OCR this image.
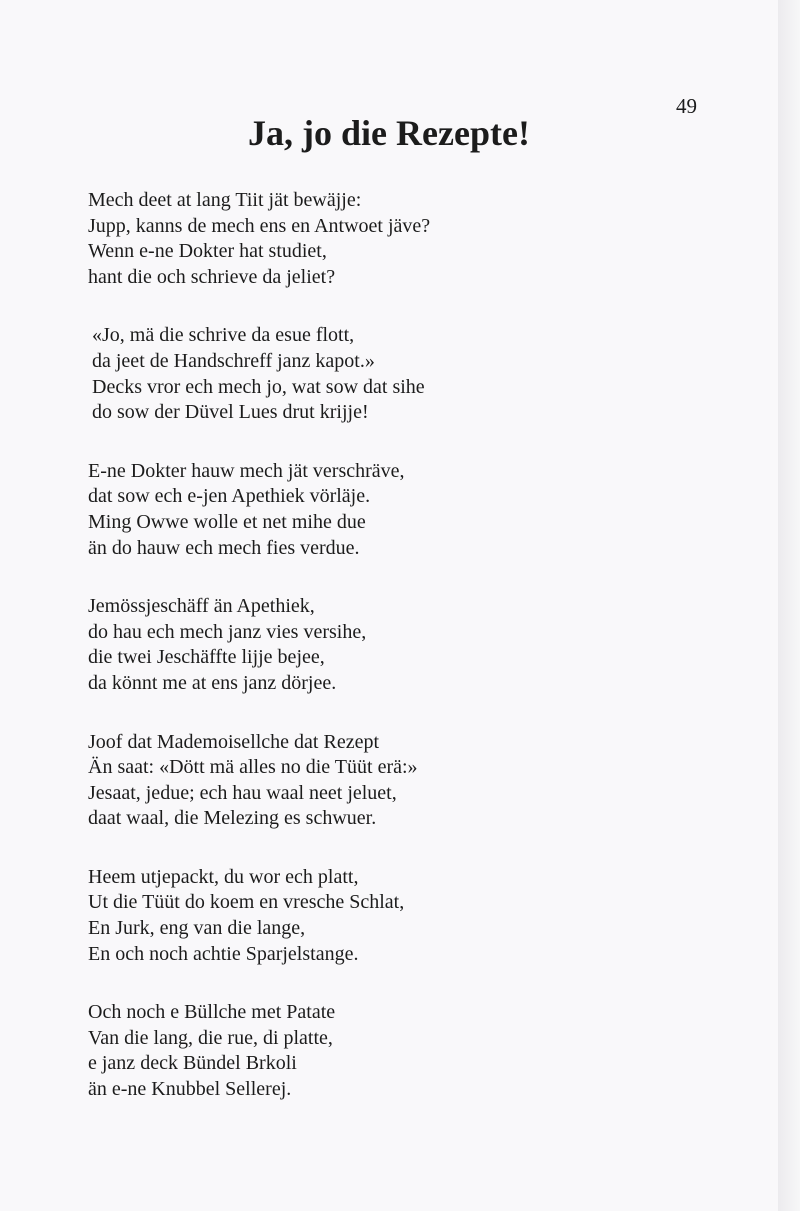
49
Ja, jo die Rezepte!
Mech deet at lang Tiit jät bewäjje:
Jupp, kanns de mech ens en Antwoet jäve?
Wenn e-ne Dokter hat studiet,
hant die och schrieve da jeliet?
«Jo, mä die schrive da esue flott,
da jeet de Handschreff janz kapot.»
Decks vror ech mech jo, wat sow dat sihe
do sow der Düvel Lues drut krijje!
E-ne Dokter hauw mech jät verschräve,
dat sow ech e-jen Apethiek vörläje.
Ming Owwe wolle et net mihe due
än do hauw ech mech fies verdue.
Jemössjeschäff än Apethiek,
do hau ech mech janz vies versihe,
die twei Jeschäffte lijje bejee,
da könnt me at ens janz dörjee.
Joof dat Mademoisellche dat Rezept
Än saat: «Dött mä alles no die Tüüt erä:»
Jesaat, jedue; ech hau waal neet jeluet,
daat waal, die Melezing es schwuer.
Heem utjepackt, du wor ech platt,
Ut die Tüüt do koem en vresche Schlat,
En Jurk, eng van die lange,
En och noch achtie Sparjelstange.
Och noch e Büllche met Patate
Van die lang, die rue, di platte,
e janz deck Bündel Brkoli
än e-ne Knubbel Sellerej.
